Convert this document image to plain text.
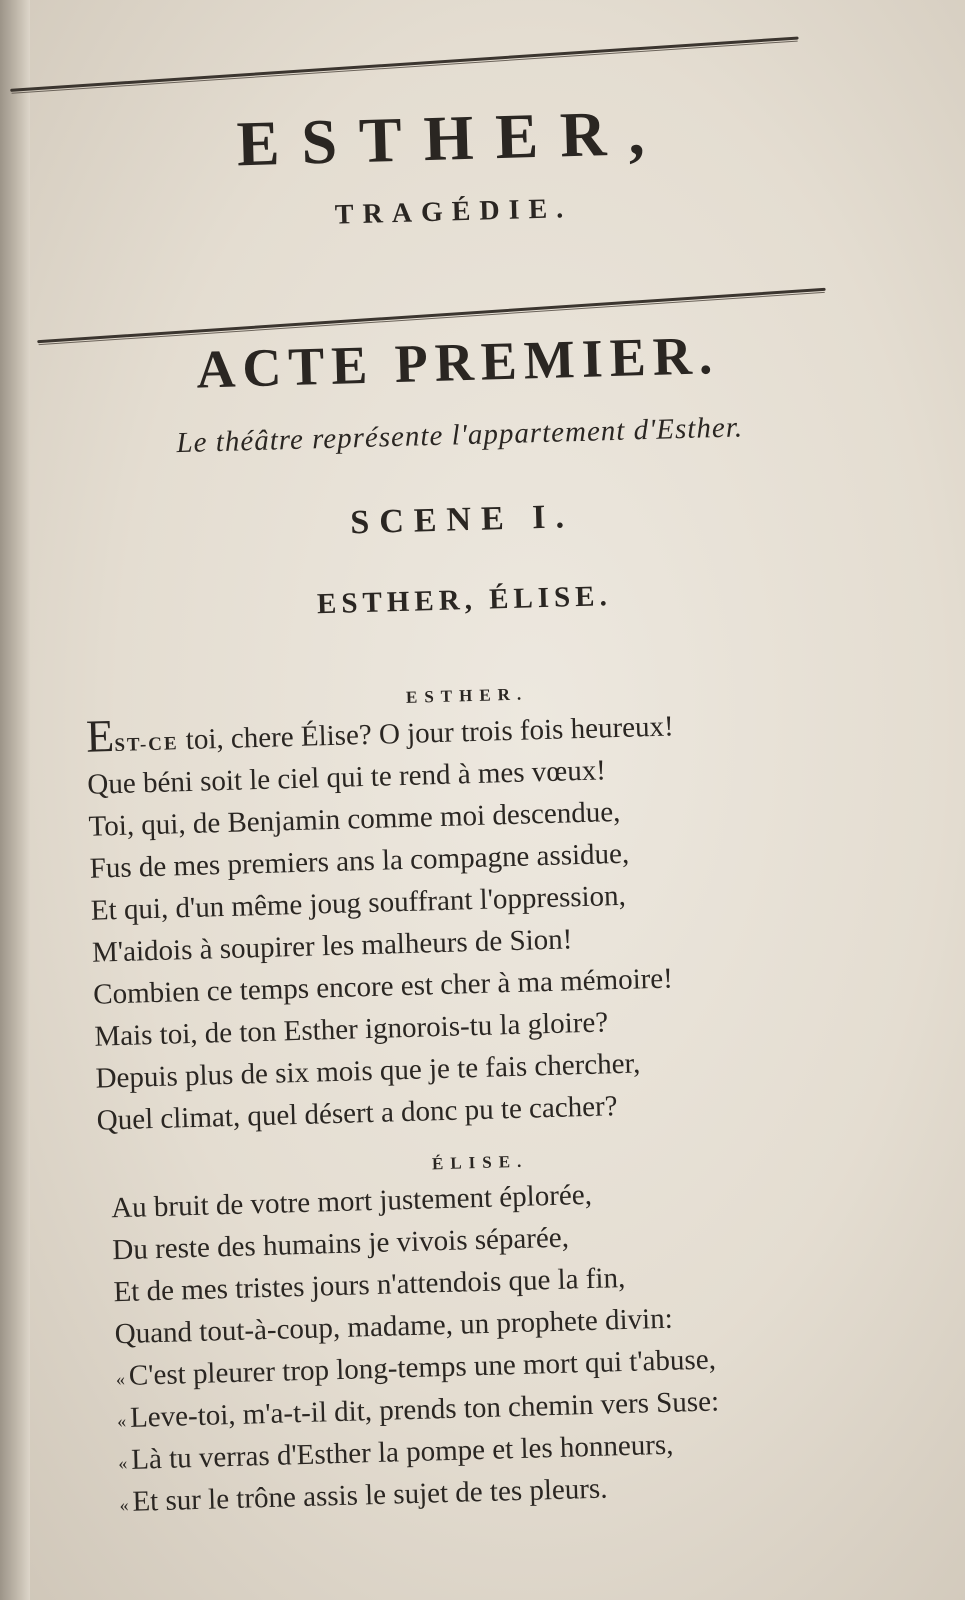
ESTHER,
TRAGÉDIE.
ACTE PREMIER.
Le théâtre représente l'appartement d'Esther.
SCENE I.
ESTHER, ÉLISE.
ESTHER.
EST-CE toi, chere Élise? O jour trois fois heureux!
Que béni soit le ciel qui te rend à mes vœux!
Toi, qui, de Benjamin comme moi descendue,
Fus de mes premiers ans la compagne assidue,
Et qui, d'un même joug souffrant l'oppression,
M'aidois à soupirer les malheurs de Sion!
Combien ce temps encore est cher à ma mémoire!
Mais toi, de ton Esther ignorois-tu la gloire?
Depuis plus de six mois que je te fais chercher,
Quel climat, quel désert a donc pu te cacher?
ÉLISE.
Au bruit de votre mort justement éplorée,
Du reste des humains je vivois séparée,
Et de mes tristes jours n'attendois que la fin,
Quand tout-à-coup, madame, un prophete divin:
« C'est pleurer trop long-temps une mort qui t'abuse,
« Leve-toi, m'a-t-il dit, prends ton chemin vers Suse:
« Là tu verras d'Esther la pompe et les honneurs,
« Et sur le trône assis le sujet de tes pleurs.
